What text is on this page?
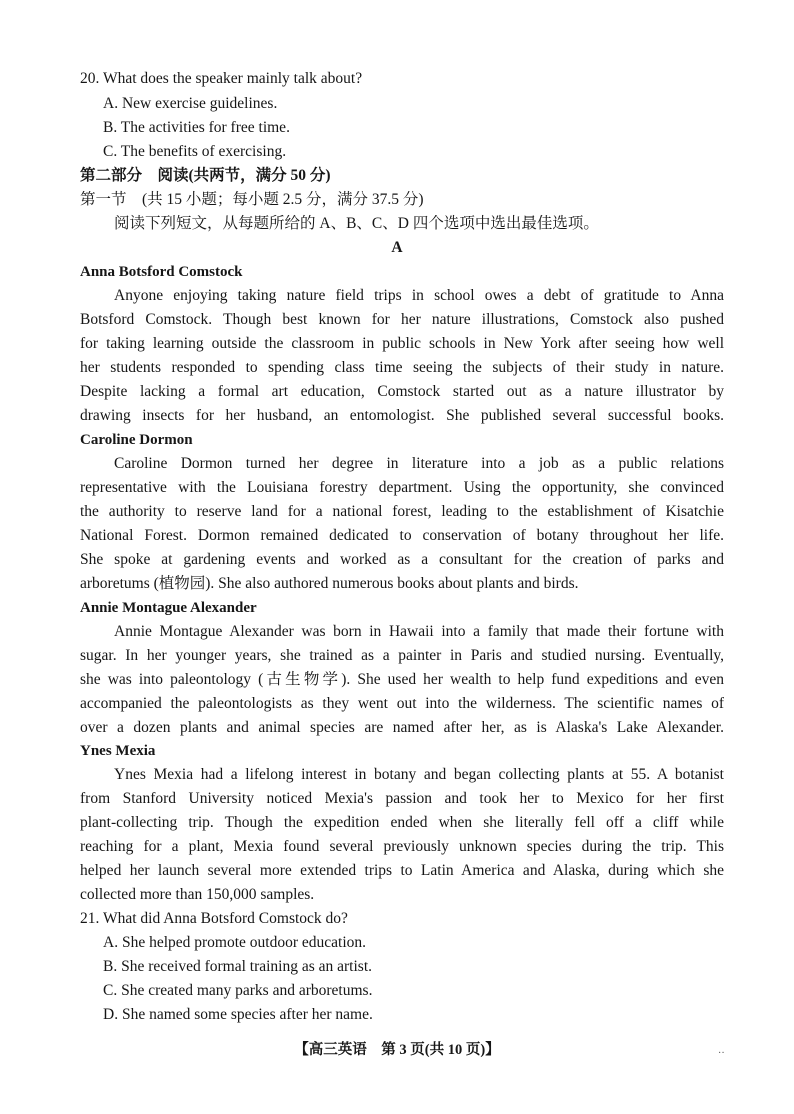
20. What does the speaker mainly talk about?
A. New exercise guidelines.
B. The activities for free time.
C. The benefits of exercising.
第二部分　阅读(共两节，满分 50 分)
第一节　(共 15 小题；每小题 2.5 分，满分 37.5 分)
阅读下列短文，从每题所给的 A、B、C、D 四个选项中选出最佳选项。
A
Anna Botsford Comstock
Anyone enjoying taking nature field trips in school owes a debt of gratitude to Anna
Botsford Comstock. Though best known for her nature illustrations, Comstock also pushed
for taking learning outside the classroom in public schools in New York after seeing how well
her students responded to spending class time seeing the subjects of their study in nature.
Despite lacking a formal art education, Comstock started out as a nature illustrator by
drawing insects for her husband, an entomologist. She published several successful books.
Caroline Dormon
Caroline Dormon turned her degree in literature into a job as a public relations
representative with the Louisiana forestry department. Using the opportunity, she convinced
the authority to reserve land for a national forest, leading to the establishment of Kisatchie
National Forest. Dormon remained dedicated to conservation of botany throughout her life.
She spoke at gardening events and worked as a consultant for the creation of parks and
arboretums (植物园). She also authored numerous books about plants and birds.
Annie Montague Alexander
Annie Montague Alexander was born in Hawaii into a family that made their fortune with
sugar. In her younger years, she trained as a painter in Paris and studied nursing. Eventually,
she was into paleontology (古生物学). She used her wealth to help fund expeditions and even
accompanied the paleontologists as they went out into the wilderness. The scientific names of
over a dozen plants and animal species are named after her, as is Alaska's Lake Alexander.
Ynes Mexia
Ynes Mexia had a lifelong interest in botany and began collecting plants at 55. A botanist
from Stanford University noticed Mexia's passion and took her to Mexico for her first
plant-collecting trip. Though the expedition ended when she literally fell off a cliff while
reaching for a plant, Mexia found several previously unknown species during the trip. This
helped her launch several more extended trips to Latin America and Alaska, during which she
collected more than 150,000 samples.
21. What did Anna Botsford Comstock do?
A. She helped promote outdoor education.
B. She received formal training as an artist.
C. She created many parks and arboretums.
D. She named some species after her name.
【高三英语　第 3 页(共 10 页)】	··
